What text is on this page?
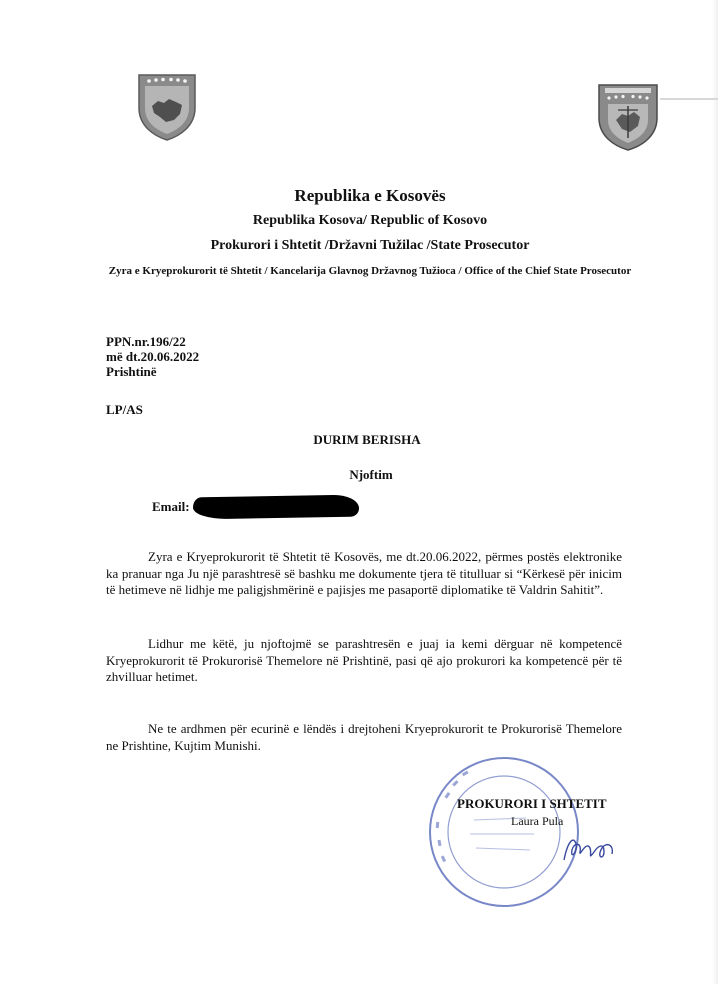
Republika e Kosovës
Republika Kosova/ Republic of Kosovo
Prokurori i Shtetit /Državni Tužilac /State Prosecutor
Zyra e Kryeprokurorit të Shtetit / Kancelarija Glavnog Državnog Tužioca / Office of the Chief State Prosecutor
PPN.nr.196/22
më dt.20.06.2022
Prishtinë
LP/AS
DURIM BERISHA
Njoftim
Email:
Zyra e Kryeprokurorit të Shtetit të Kosovës, me dt.20.06.2022, përmes postës elektronike ka pranuar nga Ju një parashtresë së bashku me dokumente tjera të titulluar si “Kërkesë për inicim të hetimeve në lidhje me paligjshmërinë e pajisjes me pasaportë diplomatike të Valdrin Sahitit”.
Lidhur me këtë, ju njoftojmë se parashtresën e juaj ia kemi dërguar në kompetencë Kryeprokurorit të Prokurorisë Themelore në Prishtinë, pasi që ajo prokurori ka kompetencë për të zhvilluar hetimet.
Ne te ardhmen për ecurinë e lëndës i drejtoheni Kryeprokurorit te Prokurorisë Themelore ne Prishtine, Kujtim Munishi.
PROKURORI I SHTETIT
Laura Pula
